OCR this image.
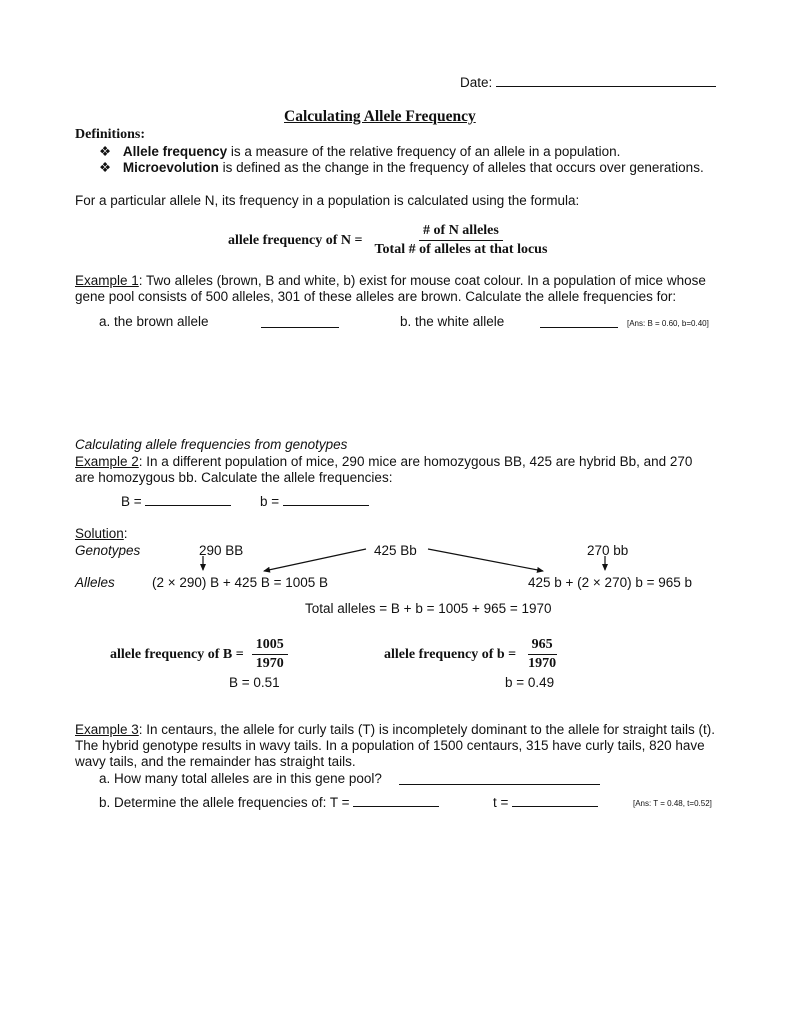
Date:
Calculating Allele Frequency
Definitions:
❖ Allele frequency is a measure of the relative frequency of an allele in a population.
❖ Microevolution is defined as the change in the frequency of alleles that occurs over generations.
For a particular allele N, its frequency in a population is calculated using the formula:
allele frequency of $N = \frac{\text{\# of N alleles}}{\text{Total \# of alleles at that locus}}$
Example 1: Two alleles (brown, B and white, b) exist for mouse coat colour. In a population of mice whose
gene pool consists of 500 alleles, 301 of these alleles are brown. Calculate the allele frequencies for:
a. the brown allele	b. the white allele	[Ans: B = 0.60, b=0.40]
Calculating allele frequencies from genotypes
Example 2: In a different population of mice, 290 mice are homozygous BB, 425 are hybrid Bb, and 270
are homozygous bb. Calculate the allele frequencies:
B =	b =
Solution:
Genotypes	290 BB	425 Bb	270 bb
Alleles	(2 × 290) B + 425 B = 1005 B	425 b + (2 × 270) b = 965 b
Total alleles = B + b = 1005 + 965 = 1970
allele frequency of $B = \frac{1005}{1970}$
B = 0.51
allele frequency of $b = \frac{965}{1970}$
b = 0.49
Example 3: In centaurs, the allele for curly tails (T) is incompletely dominant to the allele for straight tails (t).
The hybrid genotype results in wavy tails. In a population of 1500 centaurs, 315 have curly tails, 820 have
wavy tails, and the remainder has straight tails.
a. How many total alleles are in this gene pool?
b. Determine the allele frequencies of: T =	t =	[Ans: T = 0.48, t=0.52]
